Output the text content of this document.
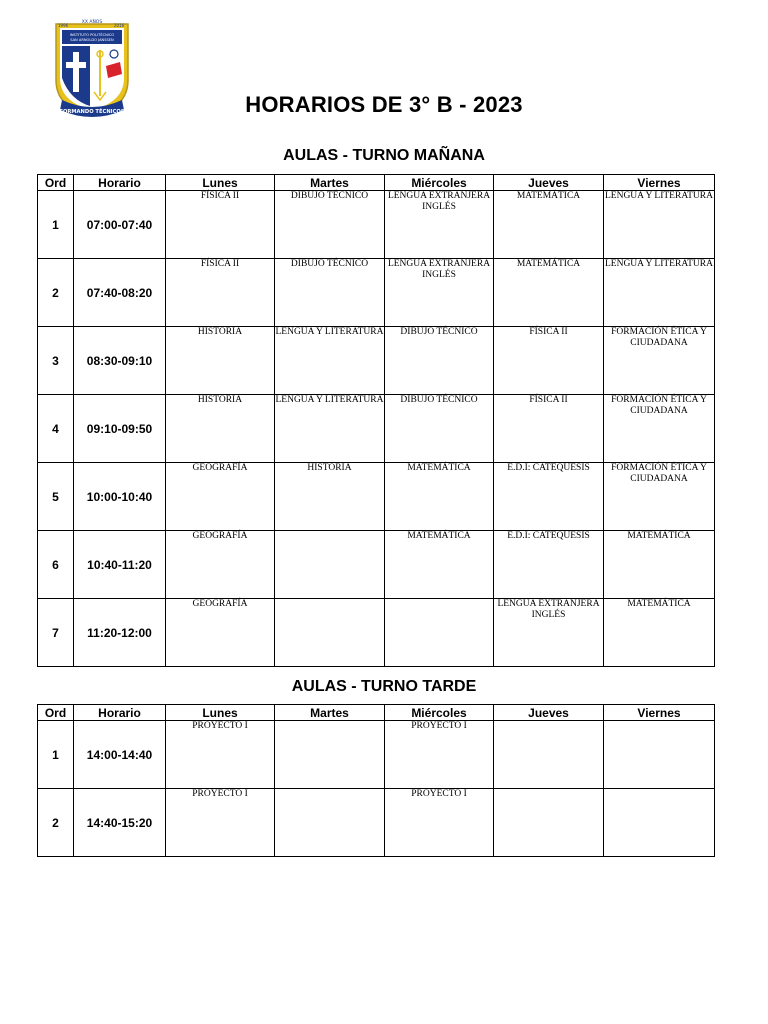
XX AÑOS
1996	2016
INSTITUTO POLITÉCNICO
SAN ARNOLDO JANSSEN
FORMANDO TÉCNICOS	HORARIOS DE 3° B - 2023
AULAS - TURNO MAÑANA
Ord	Horario	Lunes	Martes	Miércoles	Jueves	Viernes
1	07:00-07:40	FÍSICA II	DIBUJO TÉCNICO	LENGUA EXTRANJERA INGLÉS	MATEMÁTICA	LENGUA Y LITERATURA
2	07:40-08:20	FÍSICA II	DIBUJO TÉCNICO	LENGUA EXTRANJERA INGLÉS	MATEMÁTICA	LENGUA Y LITERATURA
3	08:30-09:10	HISTORIA	LENGUA Y LITERATURA	DIBUJO TÉCNICO	FÍSICA II	FORMACIÓN ÉTICA Y CIUDADANA
4	09:10-09:50	HISTORIA	LENGUA Y LITERATURA	DIBUJO TÉCNICO	FÍSICA II	FORMACIÓN ÉTICA Y CIUDADANA
5	10:00-10:40	GEOGRAFÍA	HISTORIA	MATEMÁTICA	E.D.I: CATEQUESIS	FORMACIÓN ÉTICA Y CIUDADANA
6	10:40-11:20	GEOGRAFÍA		MATEMÁTICA	E.D.I: CATEQUESIS	MATEMÁTICA
7	11:20-12:00	GEOGRAFÍA			LENGUA EXTRANJERA INGLÉS	MATEMÁTICA
AULAS - TURNO TARDE
Ord	Horario	Lunes	Martes	Miércoles	Jueves	Viernes
1	14:00-14:40	PROYECTO I		PROYECTO I		
2	14:40-15:20	PROYECTO I		PROYECTO I		
